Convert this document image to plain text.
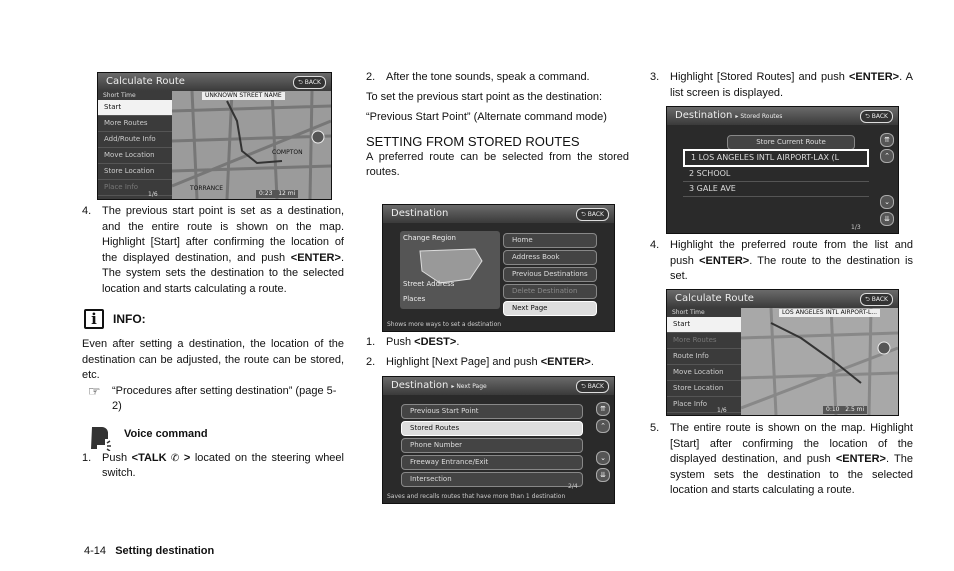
Calculate Route	⮌ BACK
Short Time
Start
More Routes
Add/Route Info
Move Location
Store Location
Place Info
1/6
UNKNOWN STREET NAME
COMPTON
TORRANCE
0:23 12 mi
4. The previous start point is set as a destination, and the entire route is shown on the map. Highlight [Start] after confirming the location of the displayed destination, and push <ENTER>. The system sets the destination to the selected location and starts calculating a route.
i	INFO:

Even after setting a destination, the location of the destination can be adjusted, the route can be stored, etc.

☞ “Procedures after setting destination” (page 5-2)
Voice command
1. Push <TALK ✆ > located on the steering wheel switch.
4-14 Setting destination
2. After the tone sounds, speak a command.

To set the previous start point as the destination:

“Previous Start Point” (Alternate command mode)

SETTING FROM STORED ROUTES

A preferred route can be selected from the stored routes.

Destination	⮌ BACK
Change Region
Street Address
Places
Home
Address Book
Previous Destinations
Delete Destination
Next Page
Shows more ways to set a destination
1. Push <DEST>.
2. Highlight [Next Page] and push <ENTER>.
Destination ▸ Next Page	⮌ BACK
Previous Start Point
Stored Routes
Phone Number
Freeway Entrance/Exit
Intersection
⇈
⌃
⌄
⇊
2/4
Saves and recalls routes that have more than 1 destination
3. Highlight [Stored Routes] and push <ENTER>. A list screen is displayed.
Destination ▸ Stored Routes	⮌ BACK
Store Current Route
1 LOS ANGELES INTL AIRPORT-LAX (L
2 SCHOOL
3 GALE AVE
⇈
⌃
⌄
⇊
1/3
4. Highlight the preferred route from the list and push <ENTER>. The route to the destination is set.
Calculate Route	⮌ BACK
Short Time
Start
More Routes
Route Info
Move Location
Store Location
Place Info
1/6
LOS ANGELES INTL AIRPORT-L...
0:10 2.5 mi
5. The entire route is shown on the map. Highlight [Start] after confirming the location of the displayed destination, and push <ENTER>. The system sets the destination to the selected location and starts calculating a route.
